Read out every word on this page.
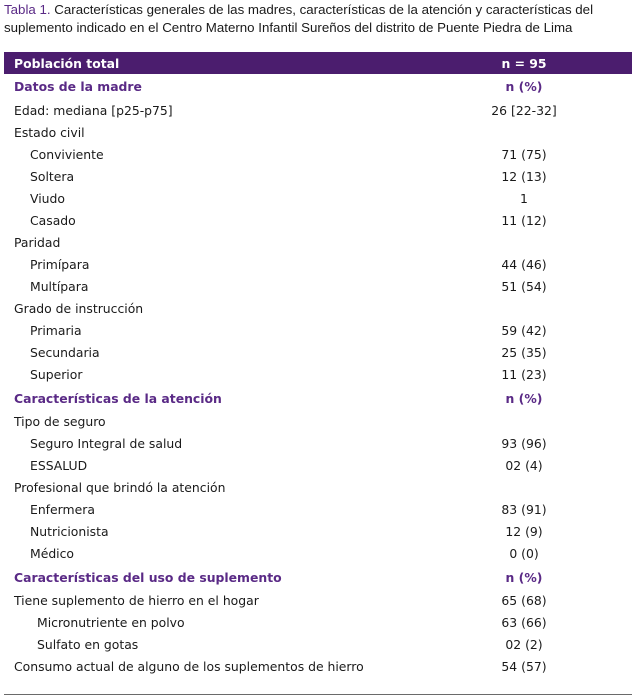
Tabla 1. Características generales de las madres, características de la atención y características del suplemento indicado en el Centro Materno Infantil Sureños del distrito de Puente Piedra de Lima
Población total	n = 95
Datos de la madre	n (%)
Edad: mediana [p25-p75]	26 [22-32]
Estado civil
Conviviente	71 (75)
Soltera	12 (13)
Viudo	1
Casado	11 (12)
Paridad
Primípara	44 (46)
Multípara	51 (54)
Grado de instrucción
Primaria	59 (42)
Secundaria	25 (35)
Superior	11 (23)
Características de la atención	n (%)
Tipo de seguro
Seguro Integral de salud	93 (96)
ESSALUD	02 (4)
Profesional que brindó la atención
Enfermera	83 (91)
Nutricionista	12 (9)
Médico	0 (0)
Características del uso de suplemento	n (%)
Tiene suplemento de hierro en el hogar	65 (68)
Micronutriente en polvo	63 (66)
Sulfato en gotas	02 (2)
Consumo actual de alguno de los suplementos de hierro	54 (57)
